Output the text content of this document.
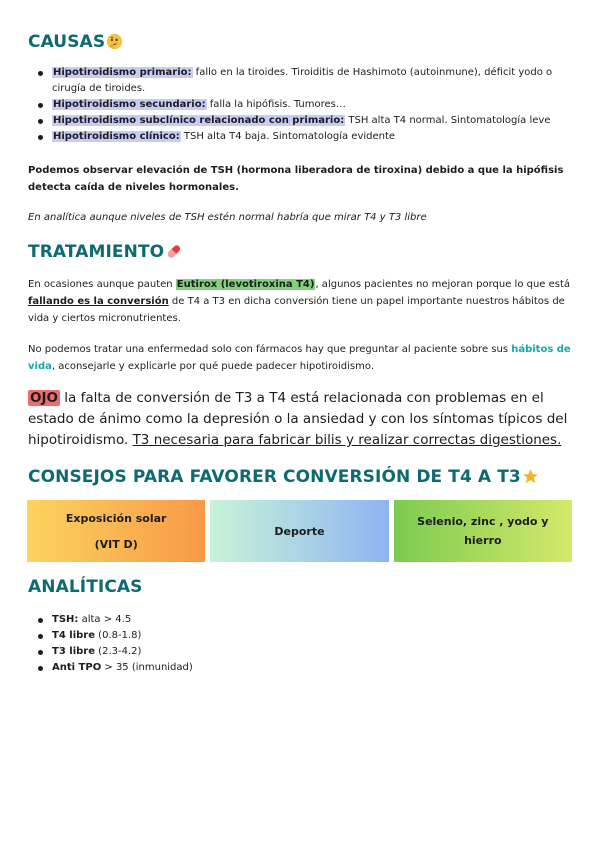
CAUSAS
Hipotiroidismo primario: fallo en la tiroides. Tiroiditis de Hashimoto (autoinmune), déficit yodo o cirugía de tiroides.
Hipotiroidismo secundario: falla la hipófisis. Tumores…
Hipotiroidismo subclínico relacionado con primario: TSH alta T4 normal. Sintomatología leve
Hipotiroidismo clínico: TSH alta T4 baja. Sintomatología evidente

Podemos observar elevación de TSH (hormona liberadora de tiroxina) debido a que la hipófisis detecta caída de niveles hormonales.

En analítica aunque niveles de TSH estén normal habría que mirar T4 y T3 libre

TRATAMIENTO

En ocasiones aunque pauten Eutirox (levotiroxina T4), algunos pacientes no mejoran porque lo que está fallando es la conversión de T4 a T3 en dicha conversión tiene un papel importante nuestros hábitos de vida y ciertos micronutrientes.

No podemos tratar una enfermedad solo con fármacos hay que preguntar al paciente sobre sus hábitos de vida, aconsejarle y explicarle por qué puede padecer hipotiroidismo.

OJO la falta de conversión de T3 a T4 está relacionada con problemas en el estado de ánimo como la depresión o la ansiedad y con los síntomas típicos del hipotiroidismo. T3 necesaria para fabricar bilis y realizar correctas digestiones.

CONSEJOS PARA FAVORER CONVERSIÓN DE T4 A T3
Exposición solar
(VIT D)
Deporte
Selenio, zinc , yodo y
hierro
ANALÍTICAS
TSH: alta > 4.5
T4 libre (0.8-1.8)
T3 libre (2.3-4.2)
Anti TPO > 35 (inmunidad)
